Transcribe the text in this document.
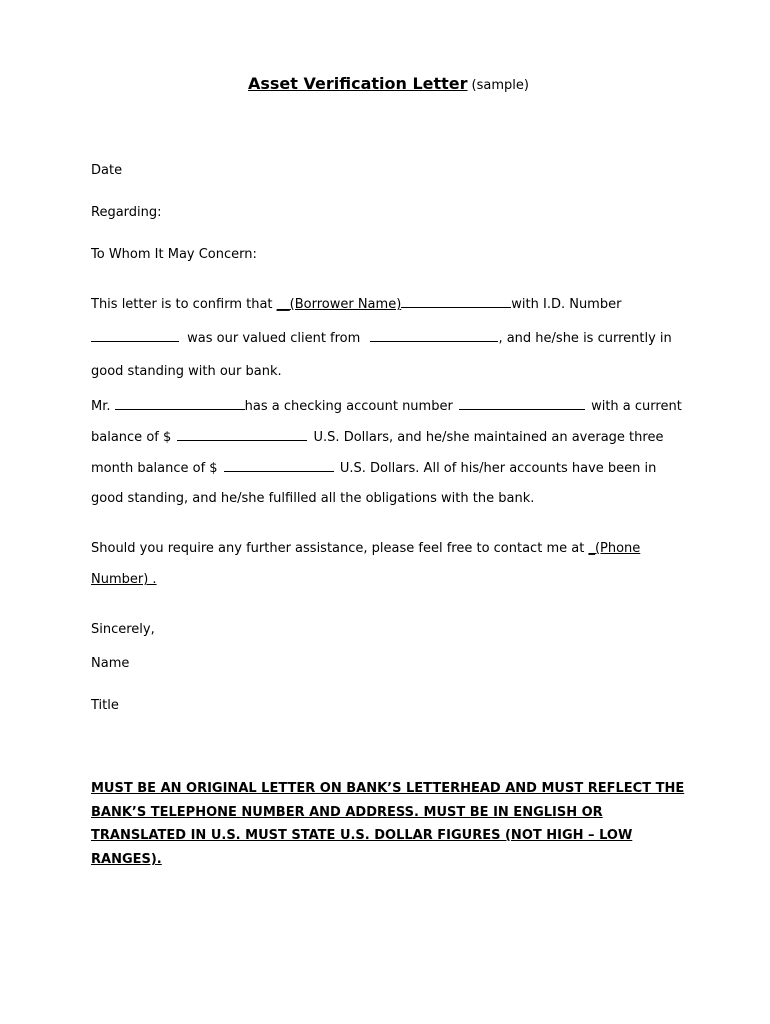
Asset Verification Letter (sample)
Date
Regarding:
To Whom It May Concern:
This letter is to confirm that __(Borrower Name)	with I.D. Number
was our valued client from	, and he/she is currently in
good standing with our bank.
Mr.	has a checking account number	with a current
balance of $	U.S. Dollars, and he/she maintained an average three
month balance of $	U.S. Dollars. All of his/her accounts have been in
good standing, and he/she fulfilled all the obligations with the bank.
Should you require any further assistance, please feel free to contact me at _(Phone
Number) .
Sincerely,
Name
Title
MUST BE AN ORIGINAL LETTER ON BANK’S LETTERHEAD AND MUST REFLECT THE
BANK’S TELEPHONE NUMBER AND ADDRESS. MUST BE IN ENGLISH OR
TRANSLATED IN U.S. MUST STATE U.S. DOLLAR FIGURES (NOT HIGH – LOW
RANGES).
